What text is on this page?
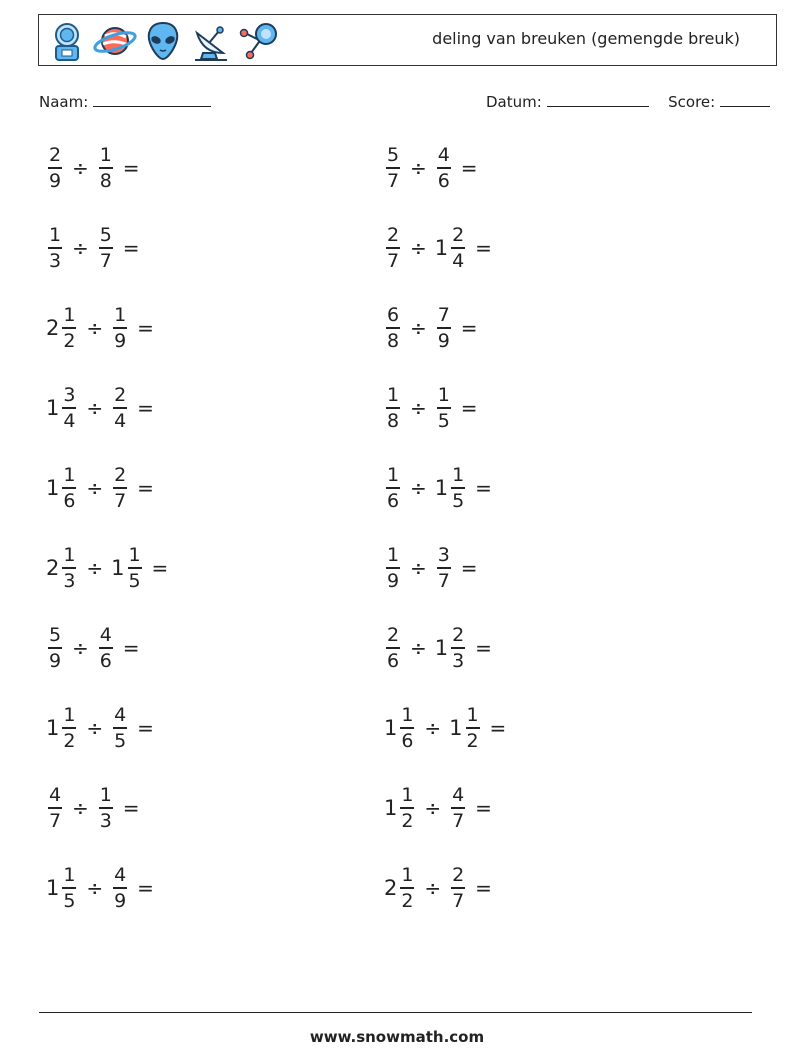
deling van breuken (gemengde breuk)
Naam:	Datum:	Score:
$\frac{2}{9} \div \frac{1}{8}$ =	$\frac{5}{7} \div \frac{4}{6}$ =
$\frac{1}{3} \div \frac{5}{7}$ =	$\frac{2}{7} \div 1 \frac{2}{4}$ =
$2 \frac{1}{2} \div \frac{1}{9}$ =	$\frac{6}{8} \div \frac{7}{9}$ =
$1 \frac{3}{4} \div \frac{2}{4}$ =	$\frac{1}{8} \div \frac{1}{5}$ =
$1 \frac{1}{6} \div \frac{2}{7}$ =	$\frac{1}{6} \div 1 \frac{1}{5}$ =
$2 \frac{1}{3} \div 1 \frac{1}{5}$ =	$\frac{1}{9} \div \frac{3}{7}$ =
$\frac{5}{9} \div \frac{4}{6}$ =	$\frac{2}{6} \div 1 \frac{2}{3}$ =
$1 \frac{1}{2} \div \frac{4}{5}$ =	$1 \frac{1}{6} \div 1 \frac{1}{2}$ =
$\frac{4}{7} \div \frac{1}{3}$ =	$1 \frac{1}{2} \div \frac{4}{7}$ =
$1 \frac{1}{5} \div \frac{4}{9}$ =	$2 \frac{1}{2} \div \frac{2}{7}$ =
www.snowmath.com
